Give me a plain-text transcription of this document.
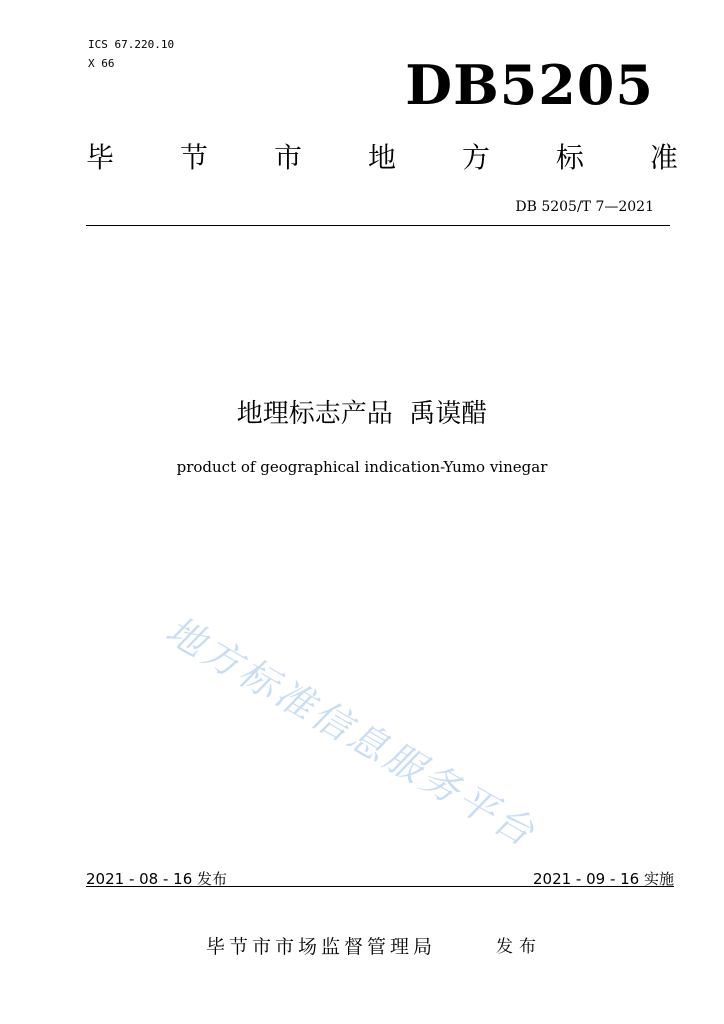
ICS 67.220.10
X 66	DB5205
毕 节 市 地 方 标 准
DB 5205/T 7—2021
地理标志产品  禹谟醋
product of geographical indication-Yumo vinegar
地方标准信息服务平台
2021 - 08 - 16 发布	2021 - 09 - 16 实施
毕节市市场监督管理局	发布
